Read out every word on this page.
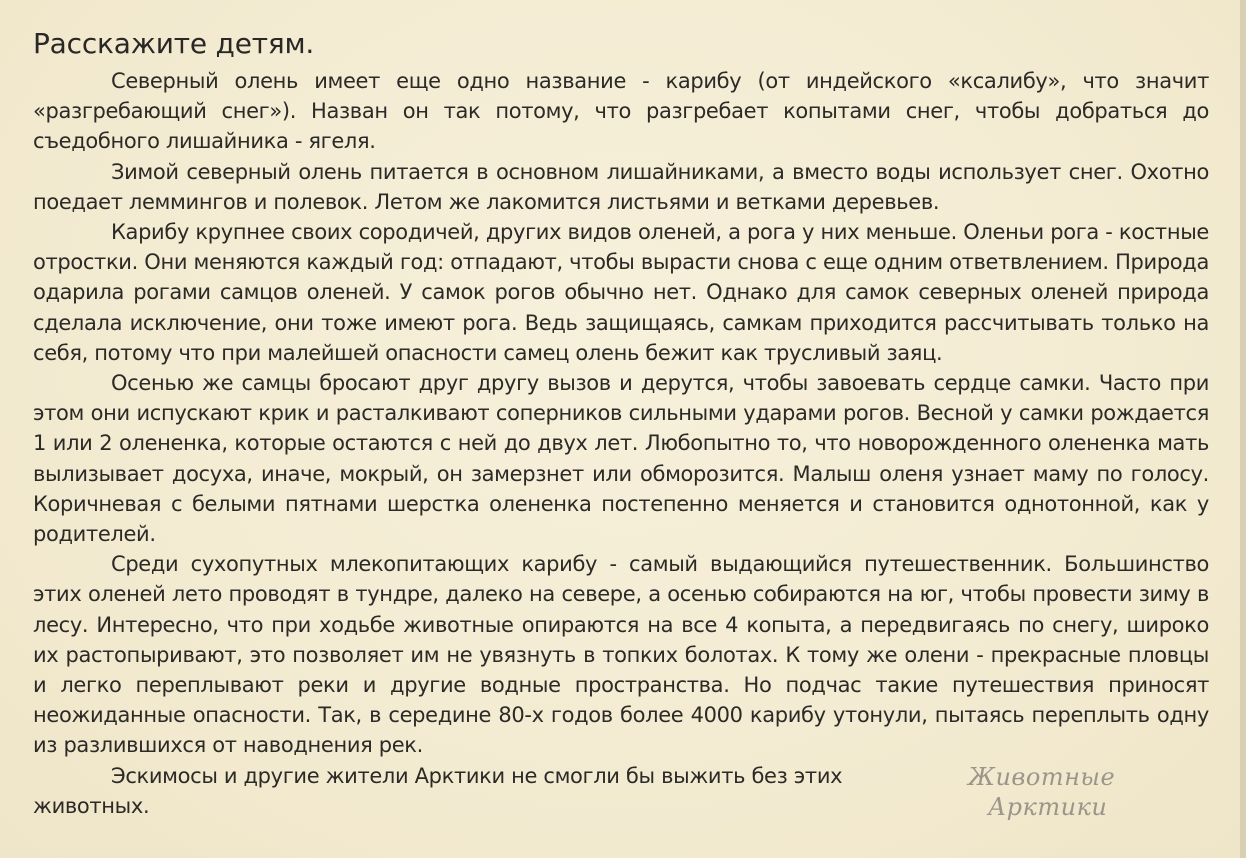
Расскажите детям.

Северный олень имеет еще одно название - карибу (от индейского «ксалибу», что значит «разгребающий снег»). Назван он так потому, что разгребает копытами снег, чтобы добраться до съедобного лишайника - ягеля.

Зимой северный олень питается в основном лишайниками, а вместо воды использует снег. Охотно поедает леммингов и полевок. Летом же лакомится листьями и ветками деревьев.

Карибу крупнее своих сородичей, других видов оленей, а рога у них меньше. Оленьи рога - костные отростки. Они меняются каждый год: отпадают, чтобы вырасти снова с еще одним ответвлением. Природа одарила рогами самцов оленей. У самок рогов обычно нет. Однако для самок северных оленей природа сделала исключение, они тоже имеют рога. Ведь защищаясь, самкам приходится рассчитывать только на себя, потому что при малейшей опасности самец олень бежит как трусливый заяц.

Осенью же самцы бросают друг другу вызов и дерутся, чтобы завоевать сердце самки. Часто при этом они испускают крик и расталкивают соперников сильными ударами рогов. Весной у самки рождается 1 или 2 олененка, которые остаются с ней до двух лет. Любопытно то, что новорожденного олененка мать вылизывает досуха, иначе, мокрый, он замерзнет или обморозится. Малыш оленя узнает маму по голосу. Коричневая с белыми пятнами шерстка олененка постепенно меняется и становится однотонной, как у родителей.

Среди сухопутных млекопитающих карибу - самый выдающийся путешественник. Большинство этих оленей лето проводят в тундре, далеко на севере, а осенью собираются на юг, чтобы провести зиму в лесу. Интересно, что при ходьбе животные опираются на все 4 копыта, а передвигаясь по снегу, широко их растопыривают, это позволяет им не увязнуть в топких болотах. К тому же олени - прекрасные пловцы и легко переплывают реки и другие водные пространства. Но подчас такие путешествия приносят неожиданные опасности. Так, в середине 80-х годов более 4000 карибу утонули, пытаясь переплыть одну из разлившихся от наводнения рек.

Эскимосы и другие жители Арктики не смогли бы выжить без этих животных.

Животные
Арктики
